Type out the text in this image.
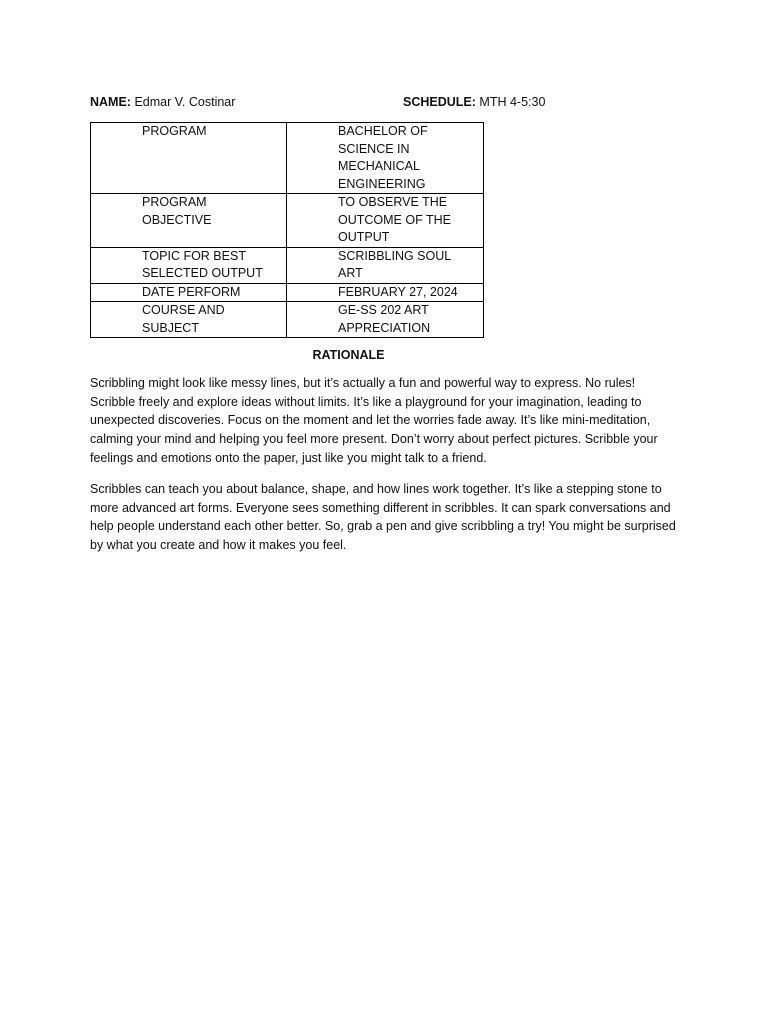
NAME: Edmar V. Costinar	SCHEDULE: MTH 4-5:30
PROGRAM	BACHELOR OF SCIENCE IN MECHANICAL ENGINEERING
PROGRAM OBJECTIVE	TO OBSERVE THE OUTCOME OF THE OUTPUT
TOPIC FOR BEST SELECTED OUTPUT	SCRIBBLING SOUL ART
DATE PERFORM	FEBRUARY 27, 2024
COURSE AND SUBJECT	GE-SS 202 ART APPRECIATION
RATIONALE

Scribbling might look like messy lines, but it’s actually a fun and powerful way to express. No rules! Scribble freely and explore ideas without limits. It’s like a playground for your imagination, leading to unexpected discoveries. Focus on the moment and let the worries fade away. It’s like mini-meditation, calming your mind and helping you feel more present. Don’t worry about perfect pictures. Scribble your feelings and emotions onto the paper, just like you might talk to a friend.

Scribbles can teach you about balance, shape, and how lines work together. It’s like a stepping stone to more advanced art forms. Everyone sees something different in scribbles. It can spark conversations and help people understand each other better. So, grab a pen and give scribbling a try! You might be surprised by what you create and how it makes you feel.
